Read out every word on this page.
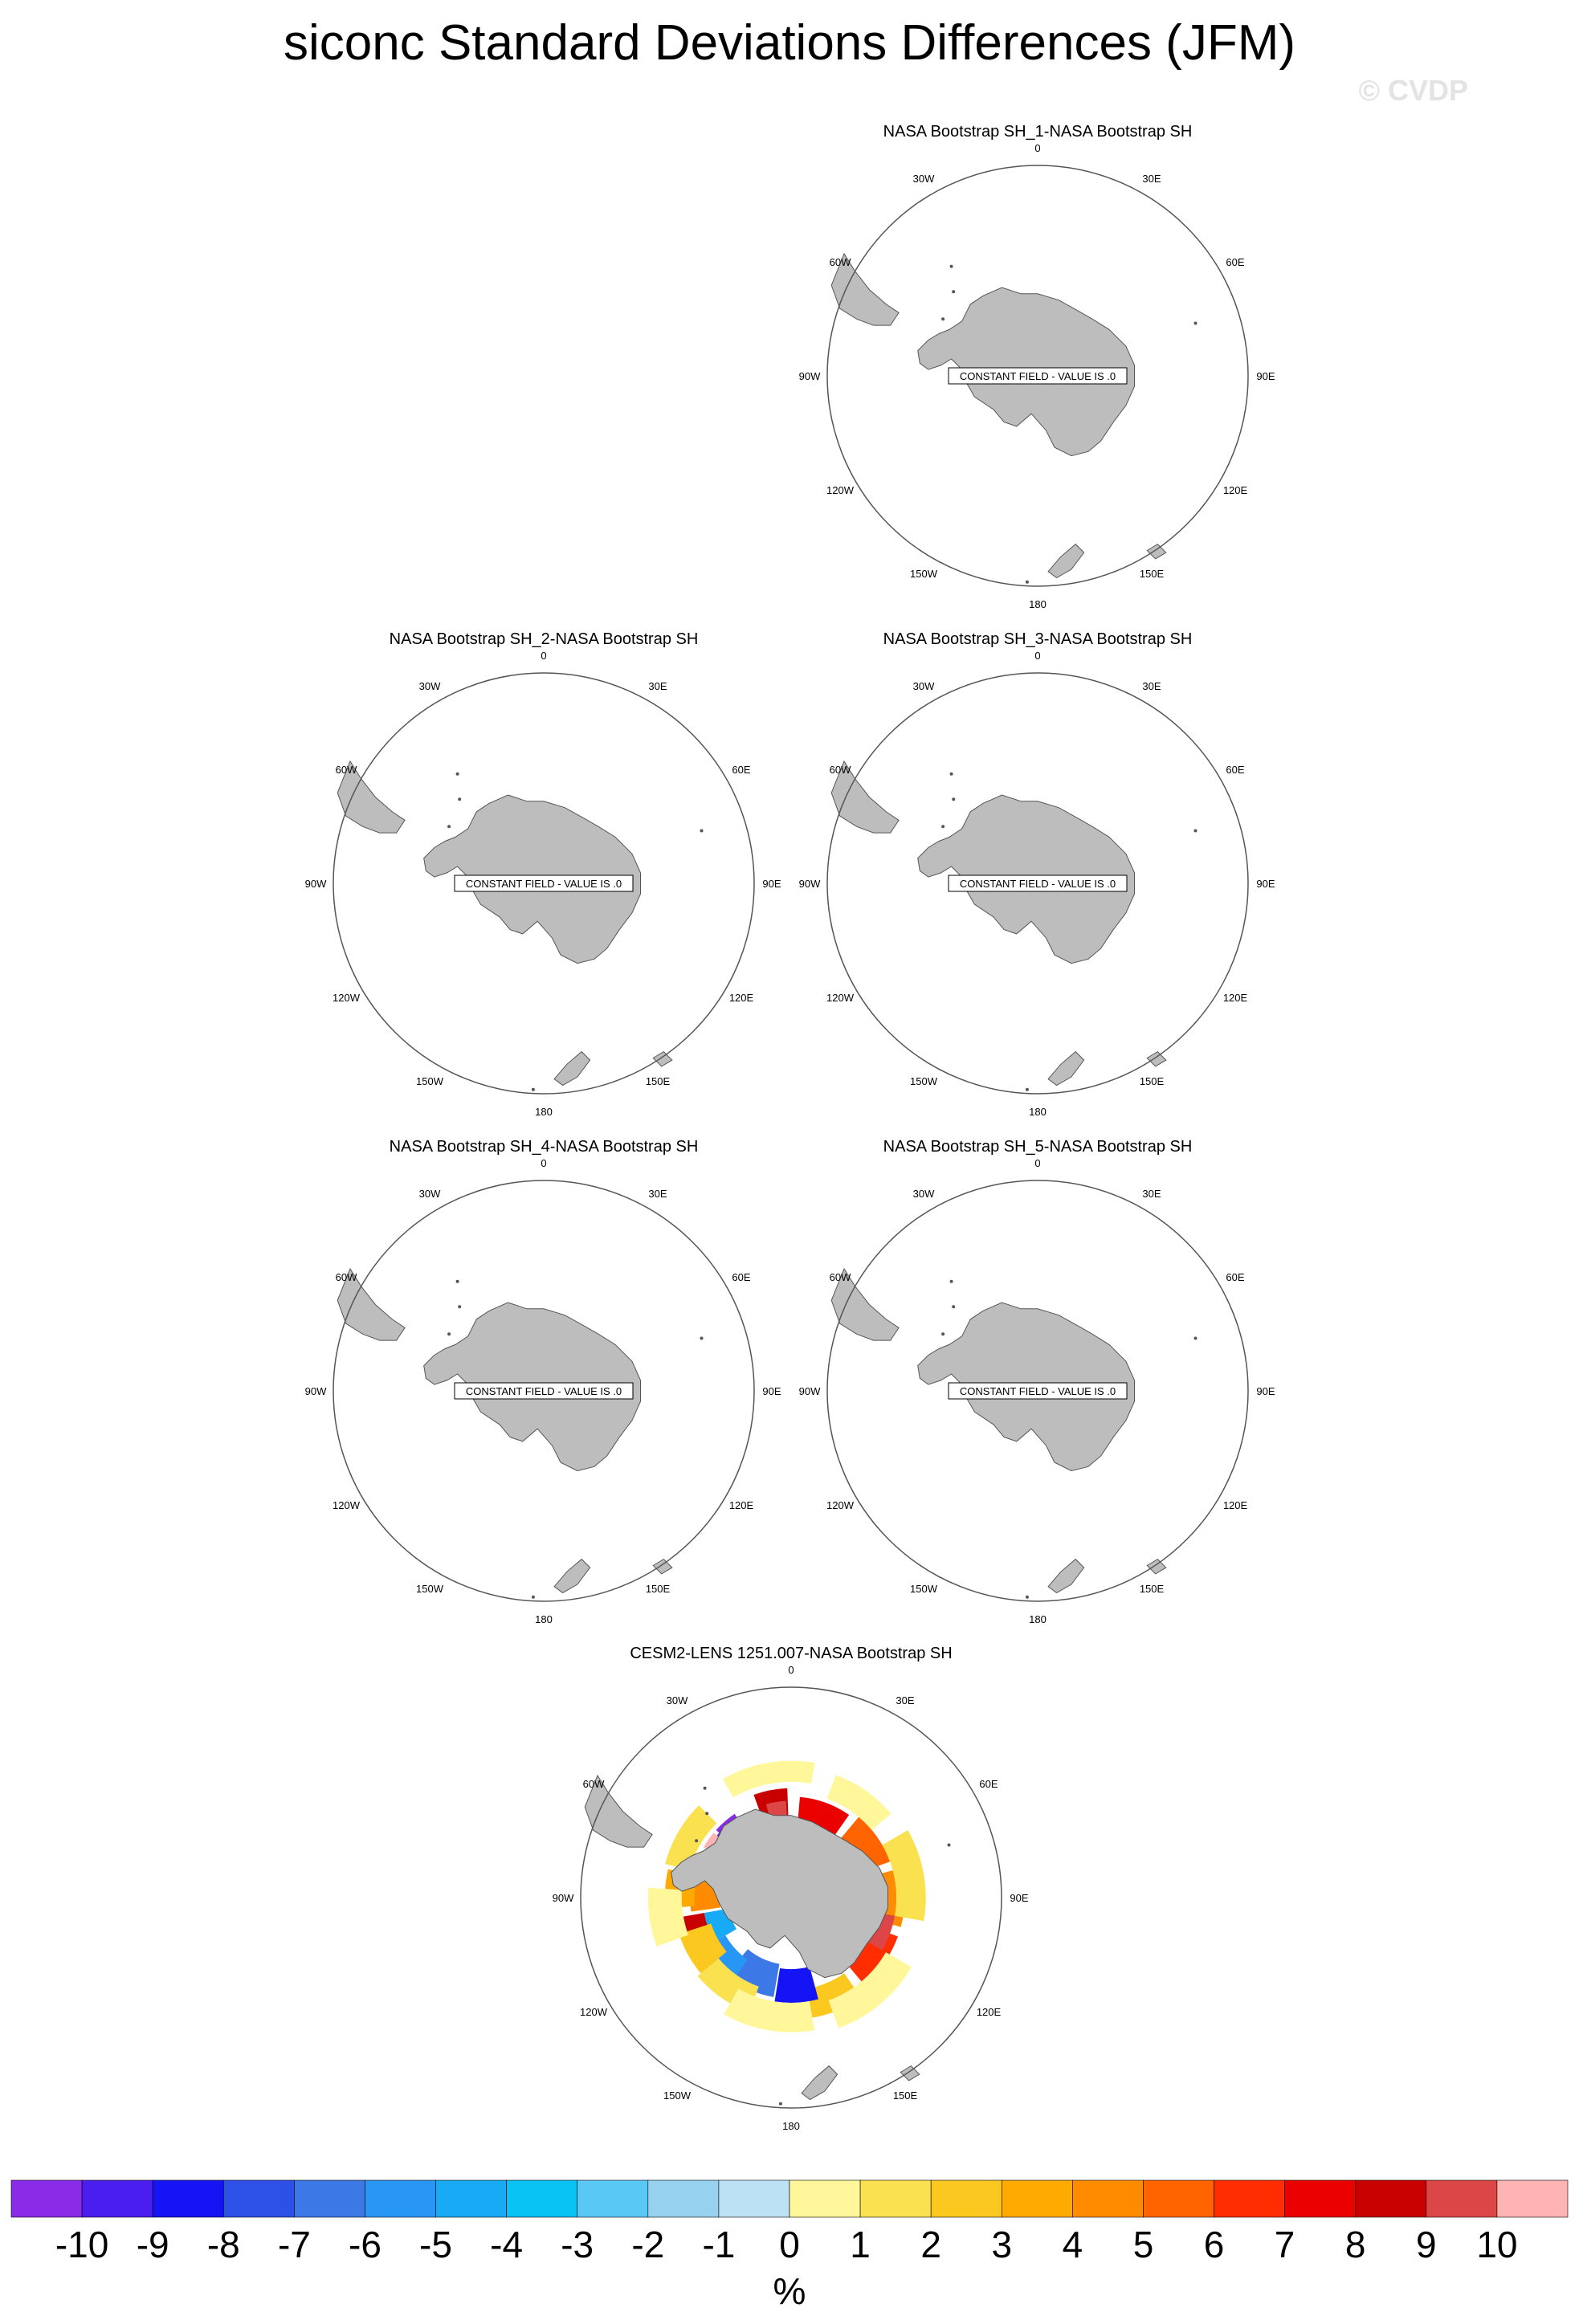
siconc Standard Deviations Differences (JFM)
© CVDP
NASA Bootstrap SH_1-NASA Bootstrap SH
0
30E
60E
90E
120E
150E
180
150W
120W
90W
60W
30W
CONSTANT FIELD - VALUE IS .0
NASA Bootstrap SH_2-NASA Bootstrap SH
0
30E
60E
90E
120E
150E
180
150W
120W
90W
60W
30W
CONSTANT FIELD - VALUE IS .0
NASA Bootstrap SH_3-NASA Bootstrap SH
0
30E
60E
90E
120E
150E
180
150W
120W
90W
60W
30W
CONSTANT FIELD - VALUE IS .0
NASA Bootstrap SH_4-NASA Bootstrap SH
0
30E
60E
90E
120E
150E
180
150W
120W
90W
60W
30W
CONSTANT FIELD - VALUE IS .0
NASA Bootstrap SH_5-NASA Bootstrap SH
0
30E
60E
90E
120E
150E
180
150W
120W
90W
60W
30W
CONSTANT FIELD - VALUE IS .0
CESM2-LENS 1251.007-NASA Bootstrap SH
0
30E
60E
90E
120E
150E
180
150W
120W
90W
60W
30W
-10 -9 -8 -7 -6 -5 -4 -3 -2 -1 0 1 2 3 4 5 6 7 8 9 10
%
